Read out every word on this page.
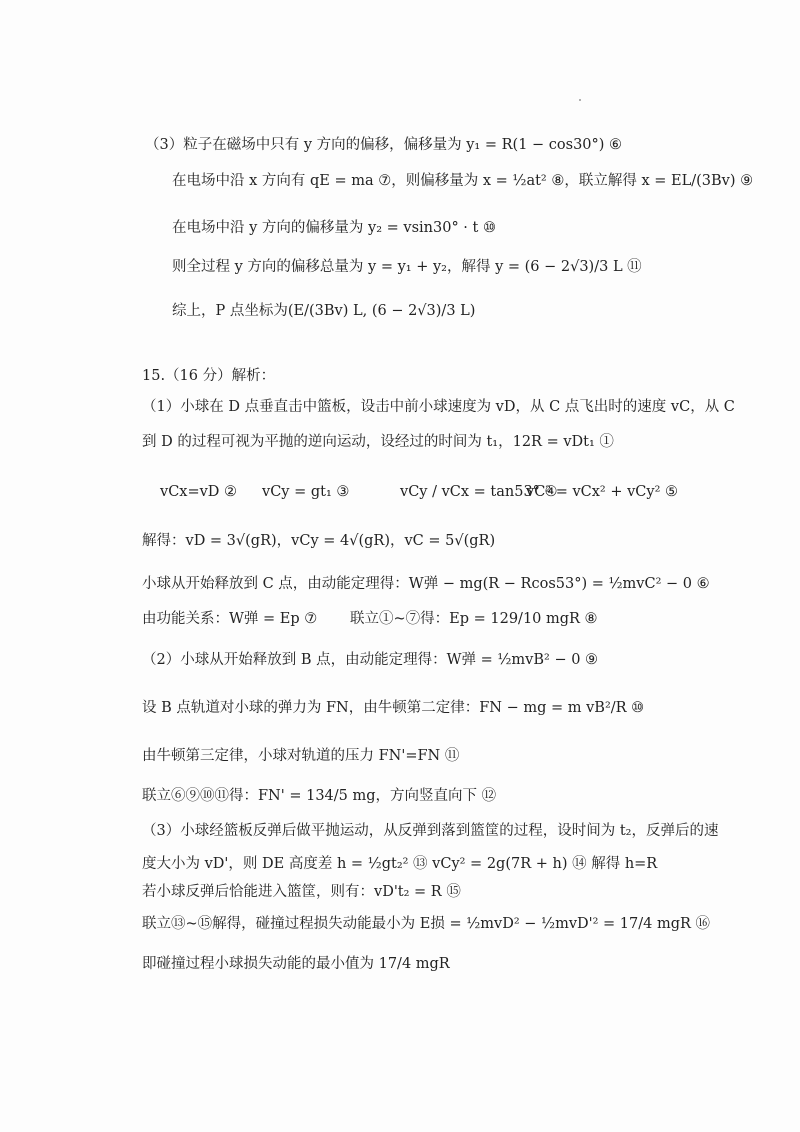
（3）粒子在磁场中只有 y 方向的偏移，偏移量为 y₁ = R(1 − cos30°) ⑥
在电场中沿 x 方向有 qE = ma ⑦，则偏移量为 x = ½at² ⑧，联立解得 x = EL/(3Bv) ⑨
在电场中沿 y 方向的偏移量为 y₂ = vsin30° · t ⑩
则全过程 y 方向的偏移总量为 y = y₁ + y₂，解得 y = (6 − 2√3)/3 L ⑪
综上，P 点坐标为(E/(3Bv) L, (6 − 2√3)/3 L)
15.（16 分）解析：
（1）小球在 D 点垂直击中篮板，设击中前小球速度为 vD，从 C 点飞出时的速度 vC，从 C
到 D 的过程可视为平抛的逆向运动，设经过的时间为 t₁，12R = vDt₁ ①
vCx=vD ② vCy = gt₁ ③	vCy / vCx = tan53° ④
vC² = vCx² + vCy² ⑤
解得：vD = 3√(gR)，vCy = 4√(gR)，vC = 5√(gR)
小球从开始释放到 C 点，由动能定理得：W弹 − mg(R − Rcos53°) = ½mvC² − 0 ⑥
由功能关系：W弹 = Ep ⑦ 联立①~⑦得：Ep = 129/10 mgR ⑧
（2）小球从开始释放到 B 点，由动能定理得：W弹 = ½mvB² − 0 ⑨
设 B 点轨道对小球的弹力为 FN，由牛顿第二定律：FN − mg = m vB²/R ⑩
由牛顿第三定律，小球对轨道的压力 FN'=FN ⑪
联立⑥⑨⑩⑪得：FN' = 134/5 mg，方向竖直向下 ⑫
（3）小球经篮板反弹后做平抛运动，从反弹到落到篮筐的过程，设时间为 t₂，反弹后的速
度大小为 vD'，则 DE 高度差 h = ½gt₂² ⑬ vCy² = 2g(7R + h) ⑭ 解得 h=R
若小球反弹后恰能进入篮筐，则有：vD't₂ = R ⑮
联立⑬~⑮解得，碰撞过程损失动能最小为 E损 = ½mvD² − ½mvD'² = 17/4 mgR ⑯
即碰撞过程小球损失动能的最小值为 17/4 mgR
